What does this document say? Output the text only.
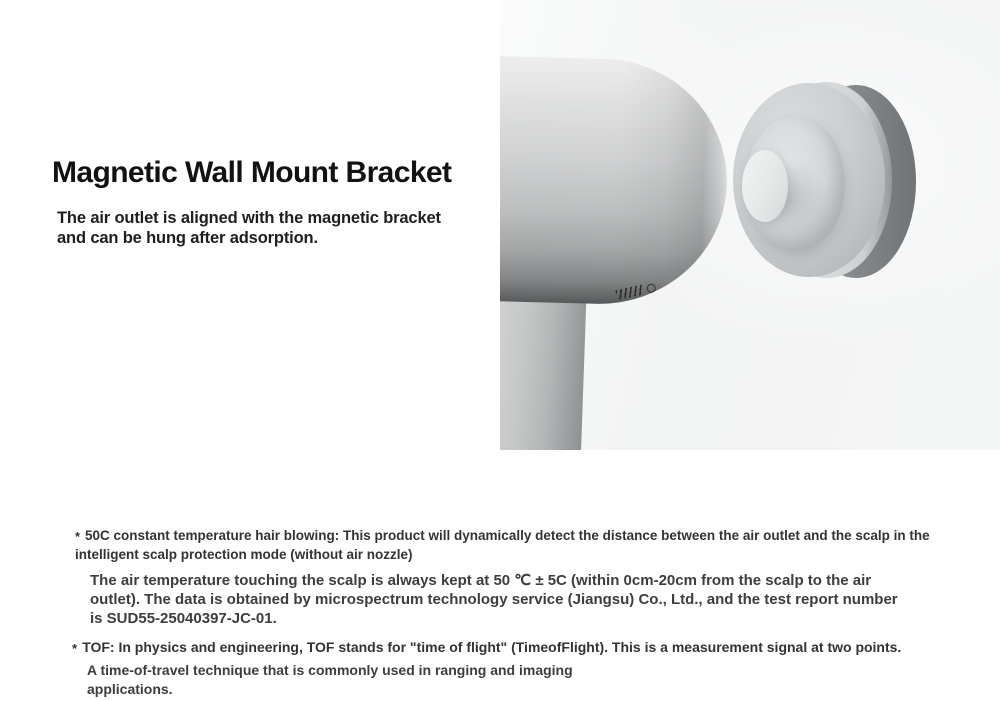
Magnetic Wall Mount Bracket
The air outlet is aligned with the magnetic bracket
and can be hung after adsorption.
* 50C constant temperature hair blowing: This product will dynamically detect the distance between the air outlet and the scalp in the
intelligent scalp protection mode (without air nozzle)
The air temperature touching the scalp is always kept at 50 ℃ ± 5C (within 0cm-20cm from the scalp to the air
outlet). The data is obtained by microspectrum technology service (Jiangsu) Co., Ltd., and the test report number
is SUD55-25040397-JC-01.
* TOF: In physics and engineering, TOF stands for "time of flight" (TimeofFlight). This is a measurement signal at two points.
A time-of-travel technique that is commonly used in ranging and imaging
applications.
